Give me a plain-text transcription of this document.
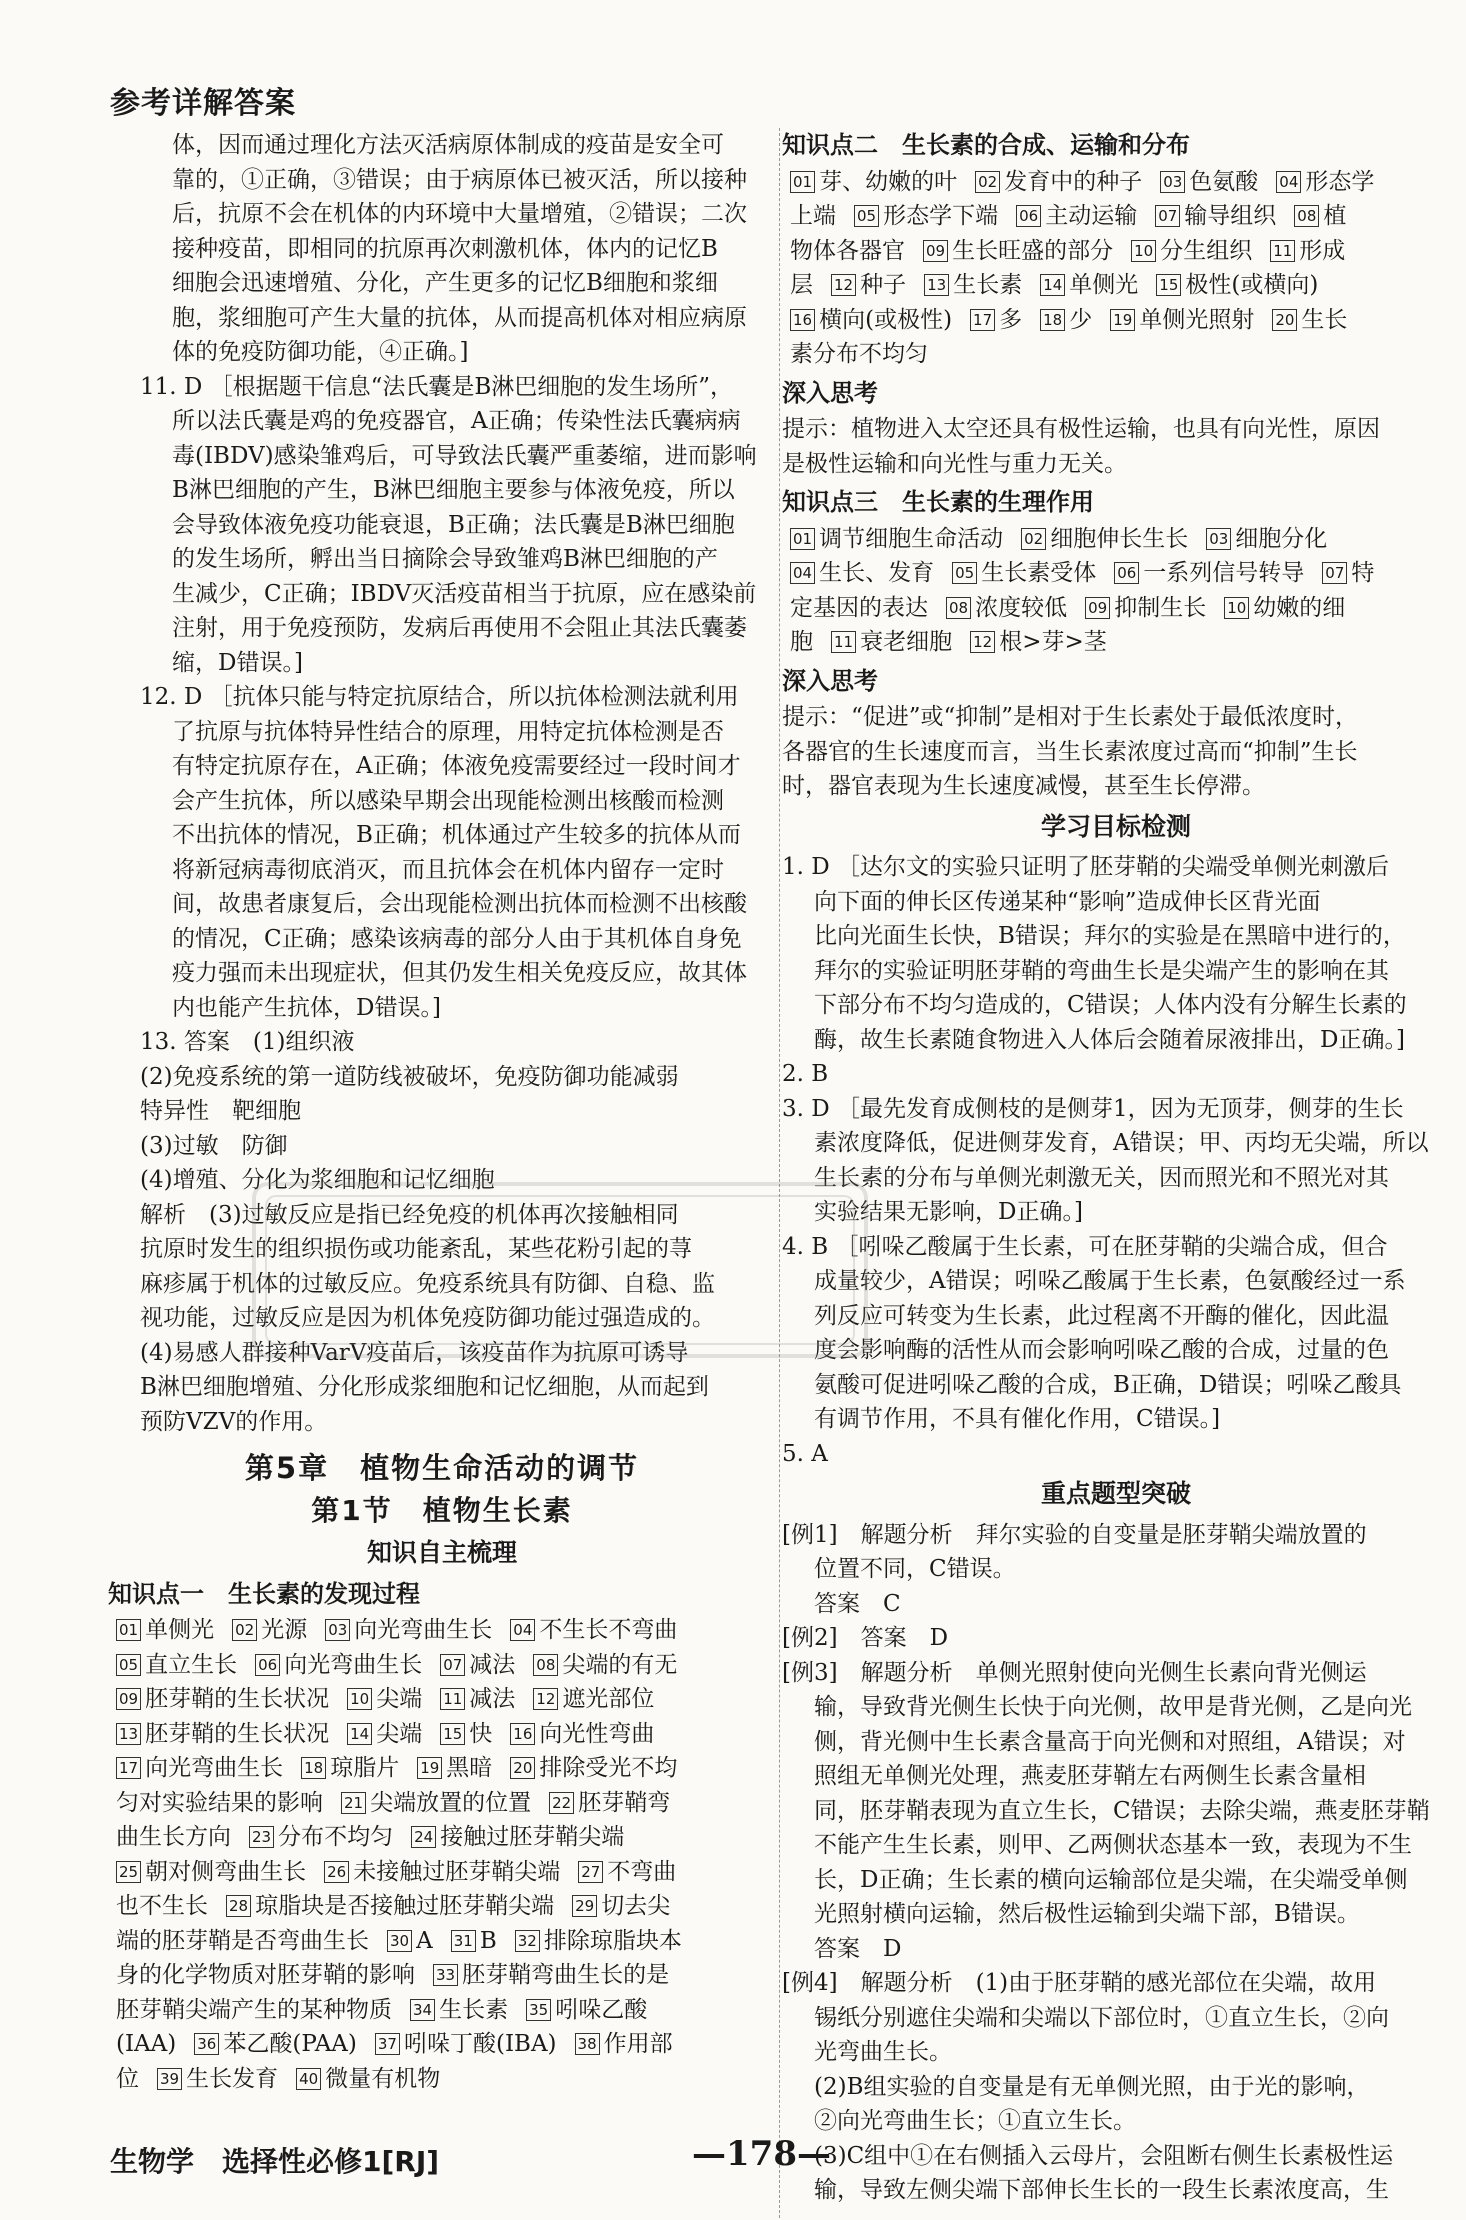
参考详解答案

体，因而通过理化方法灭活病原体制成的疫苗是安全可

靠的，①正确，③错误；由于病原体已被灭活，所以接种

后，抗原不会在机体的内环境中大量增殖，②错误；二次

接种疫苗，即相同的抗原再次刺激机体，体内的记忆B

细胞会迅速增殖、分化，产生更多的记忆B细胞和浆细

胞，浆细胞可产生大量的抗体，从而提高机体对相应病原

体的免疫防御功能，④正确。]

11. D ［根据题干信息“法氏囊是B淋巴细胞的发生场所”，

所以法氏囊是鸡的免疫器官，A正确；传染性法氏囊病病

毒(IBDV)感染雏鸡后，可导致法氏囊严重萎缩，进而影响

B淋巴细胞的产生，B淋巴细胞主要参与体液免疫，所以

会导致体液免疫功能衰退，B正确；法氏囊是B淋巴细胞

的发生场所，孵出当日摘除会导致雏鸡B淋巴细胞的产

生减少，C正确；IBDV灭活疫苗相当于抗原，应在感染前

注射，用于免疫预防，发病后再使用不会阻止其法氏囊萎

缩，D错误。]

12. D ［抗体只能与特定抗原结合，所以抗体检测法就利用

了抗原与抗体特异性结合的原理，用特定抗体检测是否

有特定抗原存在，A正确；体液免疫需要经过一段时间才

会产生抗体，所以感染早期会出现能检测出核酸而检测

不出抗体的情况，B正确；机体通过产生较多的抗体从而

将新冠病毒彻底消灭，而且抗体会在机体内留存一定时

间，故患者康复后，会出现能检测出抗体而检测不出核酸

的情况，C正确；感染该病毒的部分人由于其机体自身免

疫力强而未出现症状，但其仍发生相关免疫反应，故其体

内也能产生抗体，D错误。]

13. 答案　(1)组织液

(2)免疫系统的第一道防线被破坏，免疫防御功能减弱

特异性　靶细胞

(3)过敏　防御

(4)增殖、分化为浆细胞和记忆细胞

解析　(3)过敏反应是指已经免疫的机体再次接触相同

抗原时发生的组织损伤或功能紊乱，某些花粉引起的荨

麻疹属于机体的过敏反应。免疫系统具有防御、自稳、监

视功能，过敏反应是因为机体免疫防御功能过强造成的。

(4)易感人群接种VarV疫苗后，该疫苗作为抗原可诱导

B淋巴细胞增殖、分化形成浆细胞和记忆细胞，从而起到

预防VZV的作用。

第5章　植物生命活动的调节
第1节　植物生长素
知识自主梳理
知识点一　生长素的发现过程

01 单侧光 02 光源 03 向光弯曲生长 04 不生长不弯曲

05 直立生长 06 向光弯曲生长 07 减法 08 尖端的有无

09 胚芽鞘的生长状况 10 尖端 11 减法 12 遮光部位

13 胚芽鞘的生长状况 14 尖端 15 快 16 向光性弯曲

17 向光弯曲生长 18 琼脂片 19 黑暗 20 排除受光不均

匀对实验结果的影响 21 尖端放置的位置 22 胚芽鞘弯

曲生长方向 23 分布不均匀 24 接触过胚芽鞘尖端

25 朝对侧弯曲生长 26 未接触过胚芽鞘尖端 27 不弯曲

也不生长 28 琼脂块是否接触过胚芽鞘尖端 29 切去尖

端的胚芽鞘是否弯曲生长 30 A 31 B 32 排除琼脂块本

身的化学物质对胚芽鞘的影响 33 胚芽鞘弯曲生长的是

胚芽鞘尖端产生的某种物质 34 生长素 35 吲哚乙酸

(IAA) 36 苯乙酸(PAA) 37 吲哚丁酸(IBA) 38 作用部

位 39 生长发育 40 微量有机物

知识点二　生长素的合成、运输和分布

01 芽、幼嫩的叶 02 发育中的种子 03 色氨酸 04 形态学

上端 05 形态学下端 06 主动运输 07 输导组织 08 植

物体各器官 09 生长旺盛的部分 10 分生组织 11 形成

层 12 种子 13 生长素 14 单侧光 15 极性(或横向)

16 横向(或极性) 17 多 18 少 19 单侧光照射 20 生长

素分布不均匀

深入思考

提示：植物进入太空还具有极性运输，也具有向光性，原因

是极性运输和向光性与重力无关。

知识点三　生长素的生理作用

01 调节细胞生命活动 02 细胞伸长生长 03 细胞分化

04 生长、发育 05 生长素受体 06 一系列信号转导 07 特

定基因的表达 08 浓度较低 09 抑制生长 10 幼嫩的细

胞 11 衰老细胞 12 根>芽>茎

深入思考

提示：“促进”或“抑制”是相对于生长素处于最低浓度时，

各器官的生长速度而言，当生长素浓度过高而“抑制”生长

时，器官表现为生长速度减慢，甚至生长停滞。

学习目标检测

1. D ［达尔文的实验只证明了胚芽鞘的尖端受单侧光刺激后

向下面的伸长区传递某种“影响”造成伸长区背光面

比向光面生长快，B错误；拜尔的实验是在黑暗中进行的，

拜尔的实验证明胚芽鞘的弯曲生长是尖端产生的影响在其

下部分布不均匀造成的，C错误；人体内没有分解生长素的

酶，故生长素随食物进入人体后会随着尿液排出，D正确。]

2. B

3. D ［最先发育成侧枝的是侧芽1，因为无顶芽，侧芽的生长

素浓度降低，促进侧芽发育，A错误；甲、丙均无尖端，所以

生长素的分布与单侧光刺激无关，因而照光和不照光对其

实验结果无影响，D正确。]

4. B ［吲哚乙酸属于生长素，可在胚芽鞘的尖端合成，但合

成量较少，A错误；吲哚乙酸属于生长素，色氨酸经过一系

列反应可转变为生长素，此过程离不开酶的催化，因此温

度会影响酶的活性从而会影响吲哚乙酸的合成，过量的色

氨酸可促进吲哚乙酸的合成，B正确，D错误；吲哚乙酸具

有调节作用，不具有催化作用，C错误。]

5. A

重点题型突破

[例1]　解题分析　拜尔实验的自变量是胚芽鞘尖端放置的

位置不同，C错误。

答案　C

[例2]　答案　D

[例3]　解题分析　单侧光照射使向光侧生长素向背光侧运

输，导致背光侧生长快于向光侧，故甲是背光侧，乙是向光

侧，背光侧中生长素含量高于向光侧和对照组，A错误；对

照组无单侧光处理，燕麦胚芽鞘左右两侧生长素含量相

同，胚芽鞘表现为直立生长，C错误；去除尖端，燕麦胚芽鞘

不能产生生长素，则甲、乙两侧状态基本一致，表现为不生

长，D正确；生长素的横向运输部位是尖端，在尖端受单侧

光照射横向运输，然后极性运输到尖端下部，B错误。

答案　D

[例4]　解题分析　(1)由于胚芽鞘的感光部位在尖端，故用

锡纸分别遮住尖端和尖端以下部位时，①直立生长，②向

光弯曲生长。

(2)B组实验的自变量是有无单侧光照，由于光的影响，

②向光弯曲生长；①直立生长。

(3)C组中①在右侧插入云母片，会阻断右侧生长素极性运

输，导致左侧尖端下部伸长生长的一段生长素浓度高，生

生物学　选择性必修1[RJ]	—178—
